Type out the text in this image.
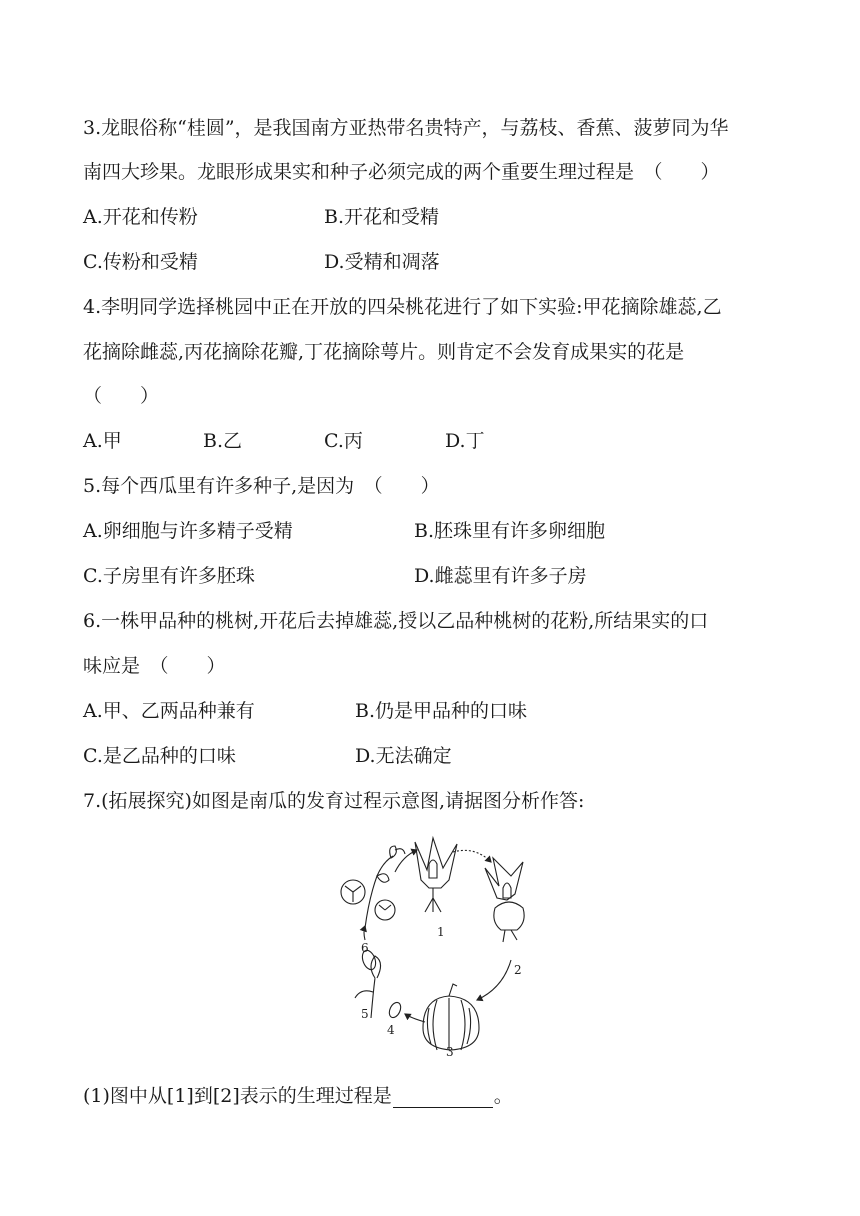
3.龙眼俗称“桂圆”，是我国南方亚热带名贵特产，与荔枝、香蕉、菠萝同为华
南四大珍果。龙眼形成果实和种子必须完成的两个重要生理过程是　（　　）
A.开花和传粉	B.开花和受精
C.传粉和受精	D.受精和凋落
4.李明同学选择桃园中正在开放的四朵桃花进行了如下实验:甲花摘除雄蕊,乙
花摘除雌蕊,丙花摘除花瓣,丁花摘除萼片。则肯定不会发育成果实的花是
（　　）
A.甲	B.乙	C.丙	D.丁
5.每个西瓜里有许多种子,是因为　（　　）
A.卵细胞与许多精子受精	B.胚珠里有许多卵细胞
C.子房里有许多胚珠	D.雌蕊里有许多子房
6.一株甲品种的桃树,开花后去掉雄蕊,授以乙品种桃树的花粉,所结果实的口
味应是　（　　）
A.甲、乙两品种兼有	B.仍是甲品种的口味
C.是乙品种的口味	D.无法确定
7.(拓展探究)如图是南瓜的发育过程示意图,请据图分析作答:
1
2
3
4
5
6
(1)图中从[1]到[2]表示的生理过程是	。
